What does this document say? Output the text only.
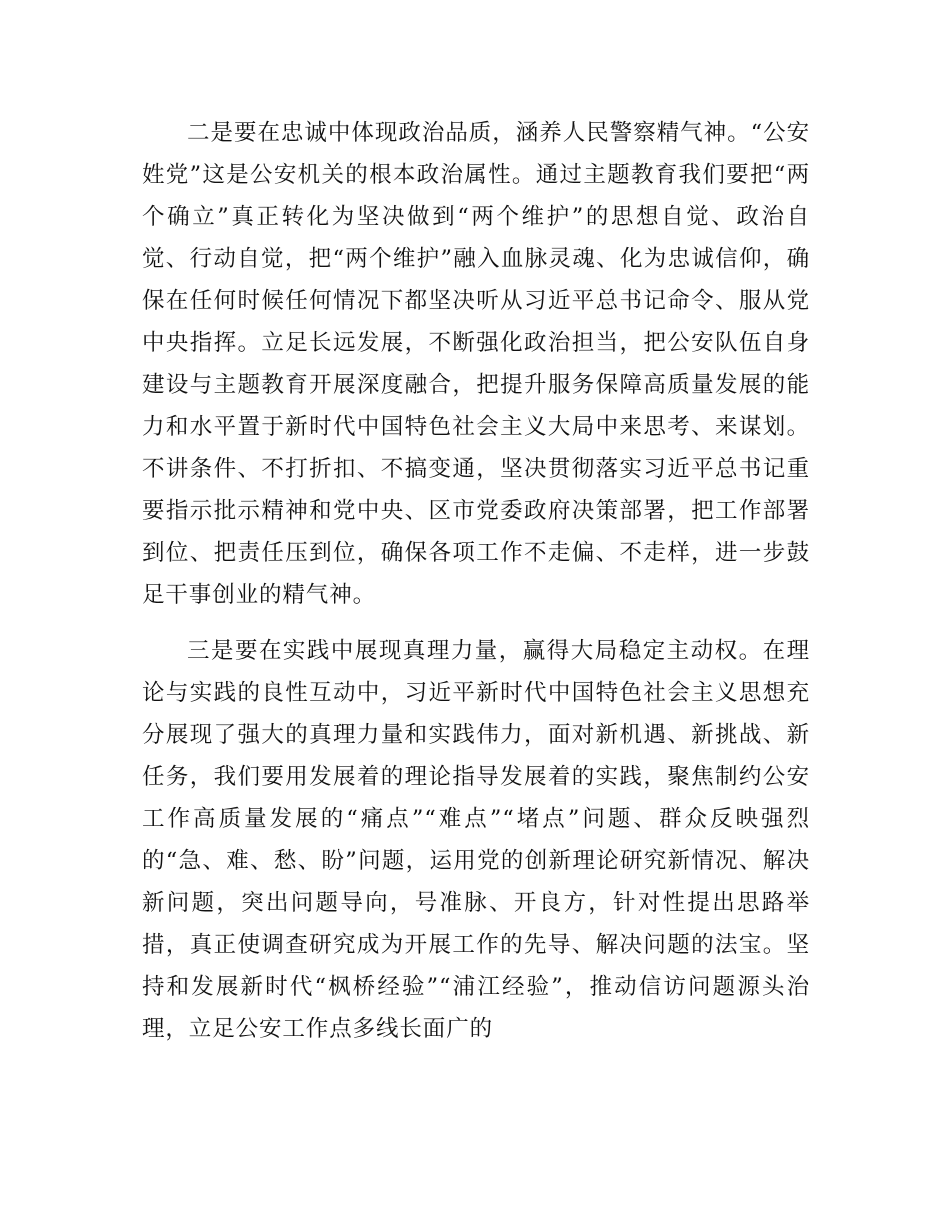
二是要在忠诚中体现政治品质，涵养人民警察精气神。“公安姓党”这是公安机关的根本政治属性。通过主题教育我们要把“两个确立”真正转化为坚决做到“两个维护”的思想自觉、政治自觉、行动自觉，把“两个维护”融入血脉灵魂、化为忠诚信仰，确保在任何时候任何情况下都坚决听从习近平总书记命令、服从党中央指挥。立足长远发展，不断强化政治担当，把公安队伍自身建设与主题教育开展深度融合，把提升服务保障高质量发展的能力和水平置于新时代中国特色社会主义大局中来思考、来谋划。不讲条件、不打折扣、不搞变通，坚决贯彻落实习近平总书记重要指示批示精神和党中央、区市党委政府决策部署，把工作部署到位、把责任压到位，确保各项工作不走偏、不走样，进一步鼓足干事创业的精气神。

三是要在实践中展现真理力量，赢得大局稳定主动权。在理论与实践的良性互动中，习近平新时代中国特色社会主义思想充分展现了强大的真理力量和实践伟力，面对新机遇、新挑战、新任务，我们要用发展着的理论指导发展着的实践，聚焦制约公安工作高质量发展的“痛点”“难点”“堵点”问题、群众反映强烈的“急、难、愁、盼”问题，运用党的创新理论研究新情况、解决新问题，突出问题导向，号准脉、开良方，针对性提出思路举措，真正使调查研究成为开展工作的先导、解决问题的法宝。坚持和发展新时代“枫桥经验”“浦江经验”，推动信访问题源头治理，立足公安工作点多线长面广的
